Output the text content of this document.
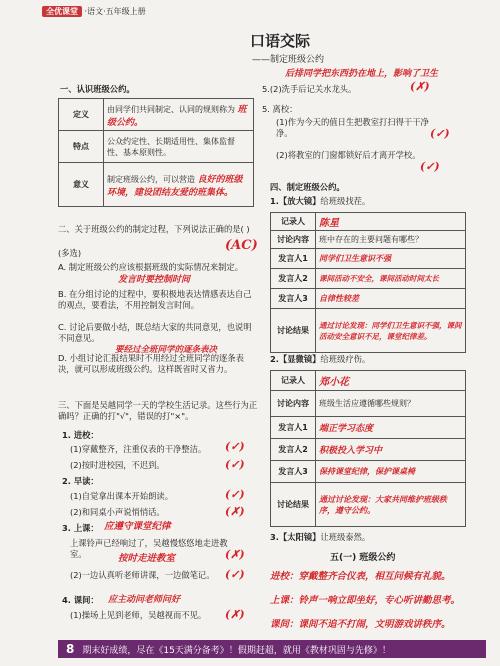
全优课堂 ·语文·五年级上册
口语交际
——制定班级公约
后排同学把东西扔在地上，影响了卫生
(✗)
5.(2)洗手后记关水龙头。
5. 离校：
(1)作为今天的值日生把教室打扫得干干净净。	(✓)
(2)将教室的门窗都锁好后才离开学校。
(✓)
一、认识班级公约。
定义	由同学们共同制定、认同的规则称为 班级公约。
特点	公众约定性、长期适用性、集体监督性、基本原则性。
意义	制定班级公约，可以营造 良好的班级环境，建设团结友爱的班集体。
二、关于班级公约的制定过程，下列说法正确的是( )
(多选)	(AC)
A. 制定班级公约应该根据班级的实际情况来制定。
发言时要控制时间
B. 在分组讨论的过程中，要积极地表达情感表达自己的观点，要看法，不用控制发言时间。
C. 讨论后要做小结，既总结大家的共同意见，也说明不同意见。
要经过全班同学的逐条表决
D. 小组讨论汇报结果时不用经过全班同学的逐条表决，就可以形成班级公约。这样既省时又省力。
三、下面是吴越同学一天的学校生活记录。这些行为正确吗？正确的打"√"，错误的打"×"。
1. 进校：
(1)穿戴整齐，注重仪表的干净整洁。 (✓)
(2)按时进校园，不迟到。	(✓)
2. 早读：
(1)自觉拿出课本开始朗读。	(✓)
(2)和同桌小声说悄悄话。	(✗)
3. 上课： 应遵守课堂纪律
上课铃声已经响过了，吴越慢悠悠地走进教室。	按时走进教室	(✗)
(2)一边认真听老师讲课，一边做笔记。 (✓)
4. 课间： 应主动问老师问好
(1)操场上见到老师，吴越视而不见。 (✗)
四、制定班级公约。
1.【放大镜】给班级找茬。
记录人	陈星
讨论内容	班中存在的主要问题有哪些？
发言人1	同学们卫生意识不强
发言人2	课间活动不安全，课间活动时间太长
发言人3	自律性较差
讨论结果	通过讨论发现：同学们卫生意识不强，课间活动安全意识不足，课堂纪律差。
2.【显微镜】给班级疗伤。
记录人	郑小花
讨论内容	班级生活应遵循哪些规则？
发言人1	端正学习态度
发言人2	积极投入学习中
发言人3	保持课堂纪律，保护课桌椅
讨论结果	通过讨论发现：大家共同维护班级秩序，遵守公约。
3.【太阳镜】让班级泰然。
五(一) 班级公约
进校：穿戴整齐合仪表，相互问候有礼貌。
上课：铃声一响立即坐好，专心听讲勤思考。
课间：课间不追不打闹，文明游戏讲秩序。
8 期末好成绩，尽在《15天满分备考》！假期赶超，就用《教材巩固与先修》！
